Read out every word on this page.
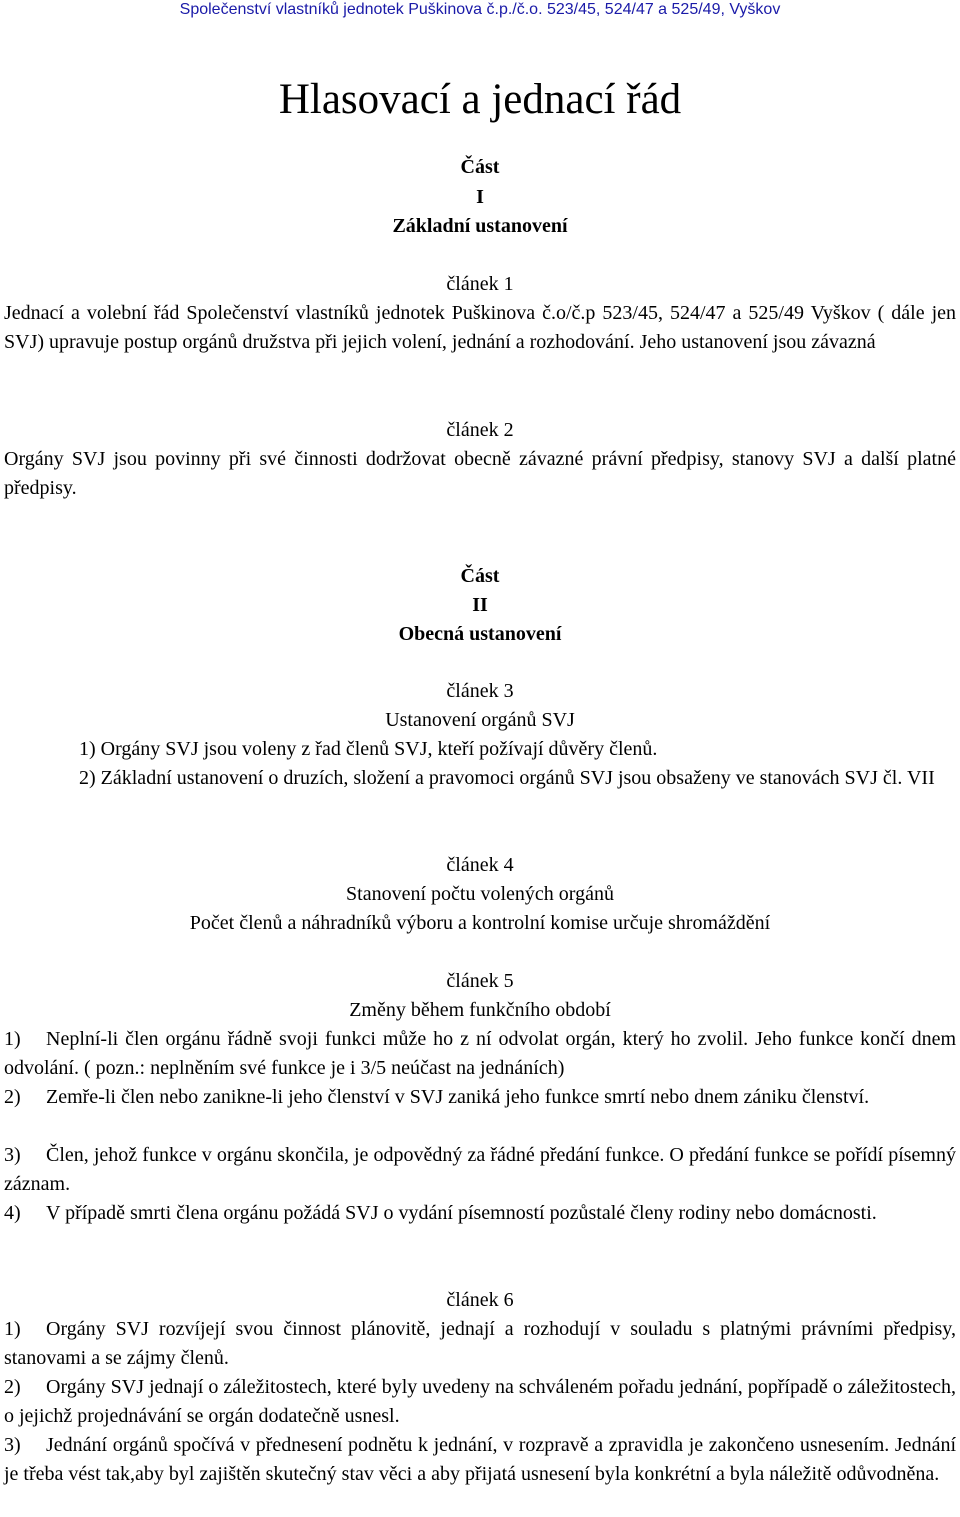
Společenství vlastníků jednotek Puškinova č.p./č.o. 523/45, 524/47 a 525/49, Vyškov
Hlasovací a jednací řád
Část
I
Základní ustanovení
článek 1
Jednací a volební řád Společenství vlastníků jednotek Puškinova č.o/č.p 523/45, 524/47 a 525/49 Vyškov ( dále jen SVJ) upravuje postup orgánů družstva při jejich volení, jednání a rozhodování. Jeho ustanovení jsou závazná
článek 2
Orgány SVJ jsou povinny při své činnosti dodržovat obecně závazné právní předpisy, stanovy SVJ a další platné předpisy.
Část
II
Obecná ustanovení
článek 3
Ustanovení orgánů SVJ
1) Orgány SVJ jsou voleny z řad členů SVJ, kteří požívají důvěry členů.
2) Základní ustanovení o druzích, složení a pravomoci orgánů SVJ jsou obsaženy ve stanovách SVJ čl. VII
článek 4
Stanovení počtu volených orgánů
Počet členů a náhradníků výboru a kontrolní komise určuje shromáždění
článek 5
Změny během funkčního období
1) Neplní-li člen orgánu řádně svoji funkci může ho z ní odvolat orgán, který ho zvolil. Jeho funkce končí dnem odvolání. ( pozn.: neplněním své funkce je i 3/5 neúčast na jednáních)
2) Zemře-li člen nebo zanikne-li jeho členství v SVJ zaniká jeho funkce smrtí nebo dnem zániku členství.
3) Člen, jehož funkce v orgánu skončila, je odpovědný za řádné předání funkce. O předání funkce se pořídí písemný záznam.
4) V případě smrti člena orgánu požádá SVJ o vydání písemností pozůstalé členy rodiny nebo domácnosti.
článek 6
1) Orgány SVJ rozvíjejí svou činnost plánovitě, jednají a rozhodují v souladu s platnými právními předpisy, stanovami a se zájmy členů.
2) Orgány SVJ jednají o záležitostech, které byly uvedeny na schváleném pořadu jednání, popřípadě o záležitostech, o jejichž projednávání se orgán dodatečně usnesl.
3) Jednání orgánů spočívá v přednesení podnětu k jednání, v rozpravě a zpravidla je zakončeno usnesením. Jednání je třeba vést tak,aby byl zajištěn skutečný stav věci a aby přijatá usnesení byla konkrétní a byla náležitě odůvodněna.
